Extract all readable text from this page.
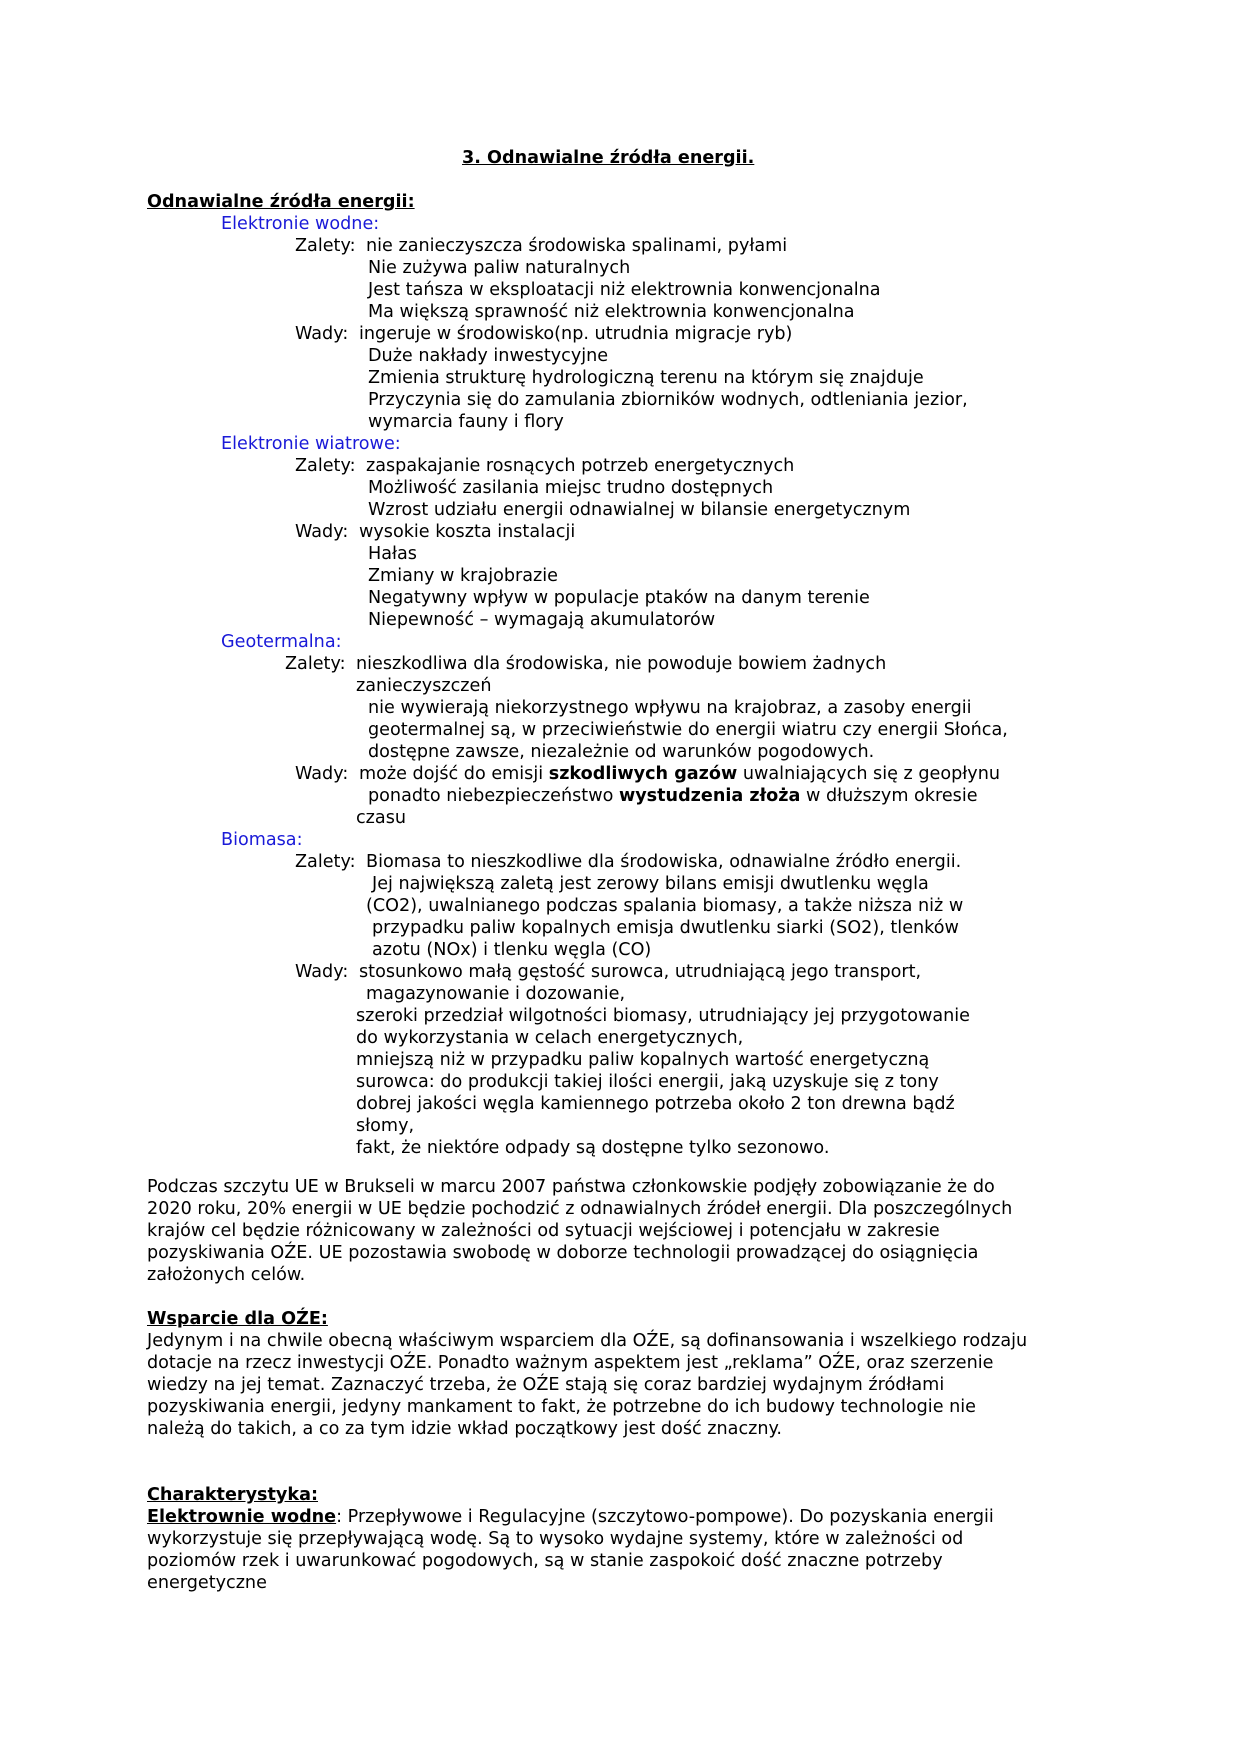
3. Odnawialne źródła energii.
Odnawialne źródła energii:
Elektronie wodne:
Zalety: nie zanieczyszcza środowiska spalinami, pyłami
Nie zużywa paliw naturalnych
Jest tańsza w eksploatacji niż elektrownia konwencjonalna
Ma większą sprawność niż elektrownia konwencjonalna
Wady: ingeruje w środowisko(np. utrudnia migracje ryb)
Duże nakłady inwestycyjne
Zmienia strukturę hydrologiczną terenu na którym się znajduje
Przyczynia się do zamulania zbiorników wodnych, odtleniania jezior,
wymarcia fauny i flory
Elektronie wiatrowe:
Zalety: zaspakajanie rosnących potrzeb energetycznych
Możliwość zasilania miejsc trudno dostępnych
Wzrost udziału energii odnawialnej w bilansie energetycznym
Wady: wysokie koszta instalacji
Hałas
Zmiany w krajobrazie
Negatywny wpływ w populacje ptaków na danym terenie
Niepewność – wymagają akumulatorów
Geotermalna:
Zalety: nieszkodliwa dla środowiska, nie powoduje bowiem żadnych
zanieczyszczeń
nie wywierają niekorzystnego wpływu na krajobraz, a zasoby energii
geotermalnej są, w przeciwieństwie do energii wiatru czy energii Słońca,
dostępne zawsze, niezależnie od warunków pogodowych.
Wady: może dojść do emisji szkodliwych gazów uwalniających się z geopłynu
ponadto niebezpieczeństwo wystudzenia złoża w dłuższym okresie
czasu
Biomasa:
Zalety: Biomasa to nieszkodliwe dla środowiska, odnawialne źródło energii.
Jej największą zaletą jest zerowy bilans emisji dwutlenku węgla
(CO2), uwalnianego podczas spalania biomasy, a także niższa niż w
przypadku paliw kopalnych emisja dwutlenku siarki (SO2), tlenków
azotu (NOx) i tlenku węgla (CO)
Wady: stosunkowo małą gęstość surowca, utrudniającą jego transport,
magazynowanie i dozowanie,
szeroki przedział wilgotności biomasy, utrudniający jej przygotowanie
do wykorzystania w celach energetycznych,
mniejszą niż w przypadku paliw kopalnych wartość energetyczną
surowca: do produkcji takiej ilości energii, jaką uzyskuje się z tony
dobrej jakości węgla kamiennego potrzeba około 2 ton drewna bądź
słomy,
fakt, że niektóre odpady są dostępne tylko sezonowo.
Podczas szczytu UE w Brukseli w marcu 2007 państwa członkowskie podjęły zobowiązanie że do
2020 roku, 20% energii w UE będzie pochodzić z odnawialnych źródeł energii. Dla poszczególnych
krajów cel będzie różnicowany w zależności od sytuacji wejściowej i potencjału w zakresie
pozyskiwania OŹE. UE pozostawia swobodę w doborze technologii prowadzącej do osiągnięcia
założonych celów.
Wsparcie dla OŹE:
Jedynym i na chwile obecną właściwym wsparciem dla OŹE, są dofinansowania i wszelkiego rodzaju
dotacje na rzecz inwestycji OŹE. Ponadto ważnym aspektem jest „reklama” OŹE, oraz szerzenie
wiedzy na jej temat. Zaznaczyć trzeba, że OŹE stają się coraz bardziej wydajnym źródłami
pozyskiwania energii, jedyny mankament to fakt, że potrzebne do ich budowy technologie nie
należą do takich, a co za tym idzie wkład początkowy jest dość znaczny.
Charakterystyka:
Elektrownie wodne: Przepływowe i Regulacyjne (szczytowo-pompowe). Do pozyskania energii
wykorzystuje się przepływającą wodę. Są to wysoko wydajne systemy, które w zależności od
poziomów rzek i uwarunkować pogodowych, są w stanie zaspokoić dość znaczne potrzeby
energetyczne
